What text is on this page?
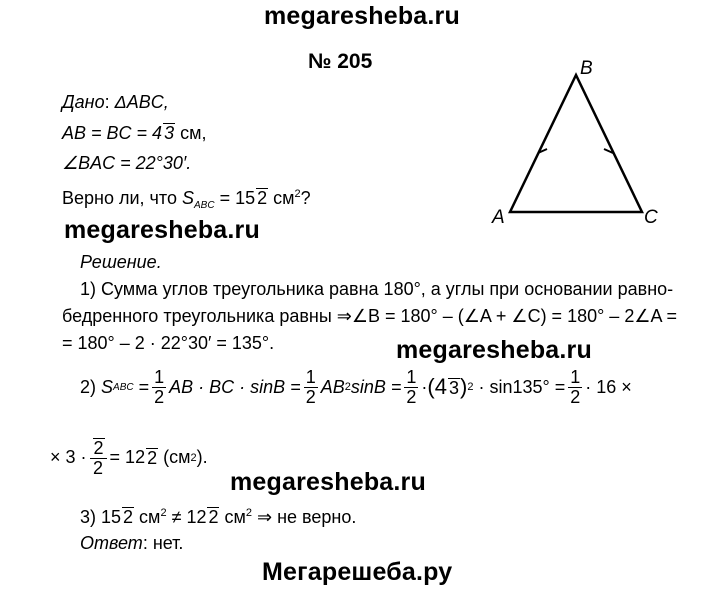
megaresheba.ru
№ 205
Дано: ΔABC,
AB = BC = 4 3 см,
∠BAC = 22°30′.
Верно ли, что $S_{ABC} = 15$ 2 $см^2$?
megaresheba.ru	A
B
C
Решение.
1) Сумма углов треугольника равна 180°, а углы при основании равно-
бедренного треугольника равны ⇒∠B = 180° – (∠A + ∠C) = 180° – 2∠A =
= 180° – 2 · 22°30′ = 135°.	megaresheba.ru
2)
S ABC
= $\frac{1}{2}$ AB · BC · $\sin B = \frac{1}{2}$ AB 2 $\sin B = \frac{1}{2} \cdot (4$ 3 ) 2
· $\sin 135^\circ = \frac{1}{2} \cdot 16$ ×
× $3 \cdot \frac{2}{2} = 12$ 2
(см 2 ).
megaresheba.ru
3) 15 2 $см^2 \ne 12$ 2 $см^2$ ⇒ не верно.
Ответ: нет.
Мегарешеба.ру
